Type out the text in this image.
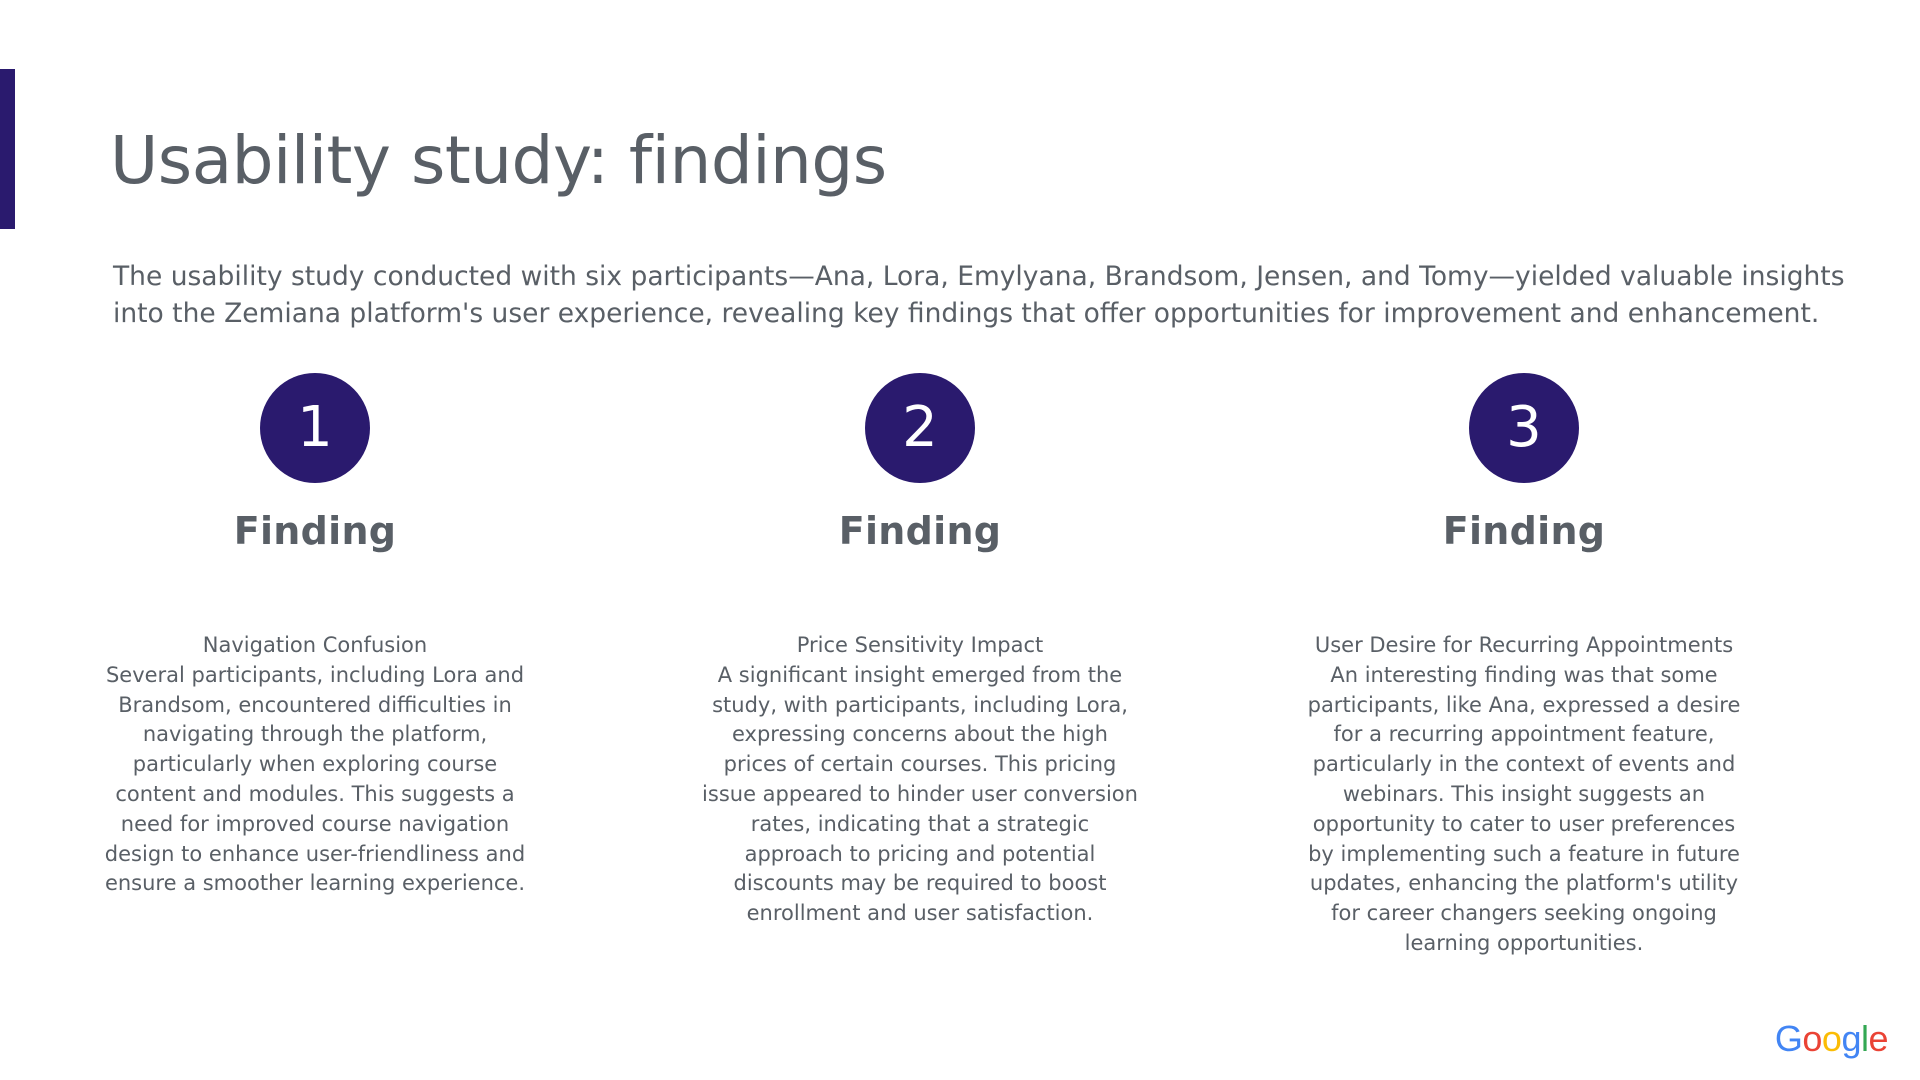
Usability study: findings

The usability study conducted with six participants—Ana, Lora, Emylyana, Brandsom, Jensen, and Tomy—yielded valuable insights into the Zemiana platform's user experience, revealing key findings that offer opportunities for improvement and enhancement.

1
Finding
Navigation Confusion
Several participants, including Lora and Brandsom, encountered difficulties in navigating through the platform, particularly when exploring course content and modules. This suggests a need for improved course navigation design to enhance user-friendliness and ensure a smoother learning experience.
2
Finding
Price Sensitivity Impact
A significant insight emerged from the study, with participants, including Lora, expressing concerns about the high prices of certain courses. This pricing issue appeared to hinder user conversion rates, indicating that a strategic approach to pricing and potential discounts may be required to boost enrollment and user satisfaction.
3
Finding
User Desire for Recurring Appointments
An interesting finding was that some participants, like Ana, expressed a desire for a recurring appointment feature, particularly in the context of events and webinars. This insight suggests an opportunity to cater to user preferences by implementing such a feature in future updates, enhancing the platform's utility for career changers seeking ongoing learning opportunities.
Google
